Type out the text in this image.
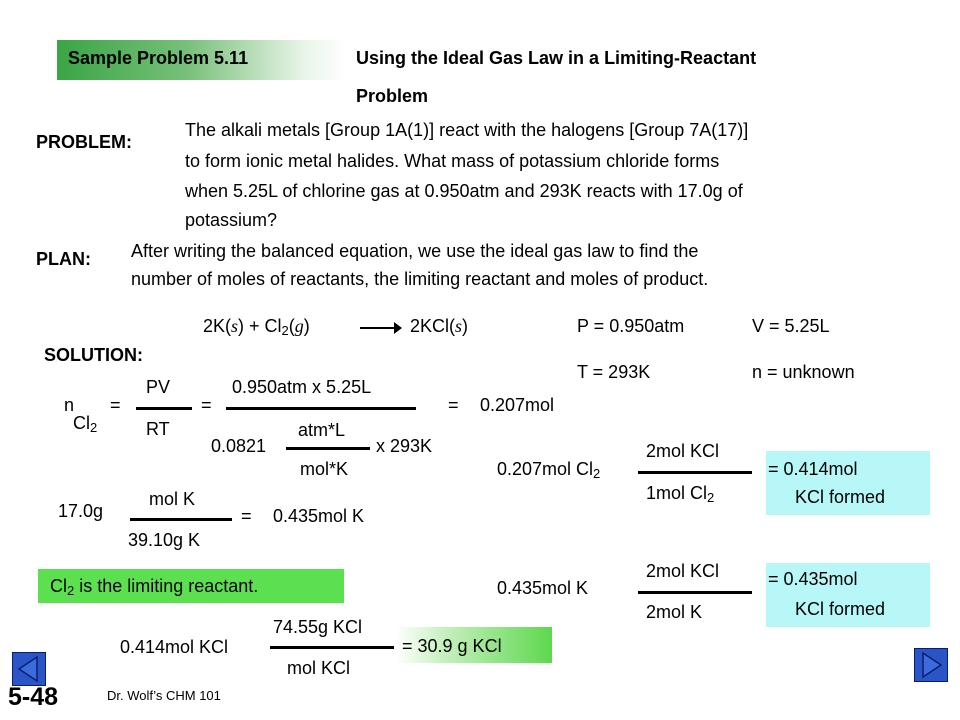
Sample Problem 5.11	Using the Ideal Gas Law in a Limiting-Reactant
Problem
PROBLEM:
The alkali metals [Group 1A(1)] react with the halogens [Group 7A(17)]
to form ionic metal halides. What mass of potassium chloride forms
when 5.25L of chlorine gas at 0.950atm and 293K reacts with 17.0g of
potassium?
PLAN: After writing the balanced equation, we use the ideal gas law to find the
number of moles of reactants, the limiting reactant and moles of product.
$2K(s) + Cl_2(g)$	→ 2KCl(s)	P = 0.950atm	V = 5.25L
T = 293K	n = unknown
SOLUTION:
n
$Cl_2$
=
PV
RT
=
0.950atm x 5.25L
0.0821
atm*L
mol*K
x 293K
= 0.207mol
17.0g
mol K
39.10g K
= 0.435mol K
$Cl_2$ is the limiting reactant.
0.207mol $Cl_2$
2mol KCl
1mol $Cl_2$
= 0.414mol
KCl formed
0.435mol K
2mol KCl
2mol K
= 0.435mol
KCl formed
0.414mol KCl
74.55g KCl
mol KCl
= 30.9 g KCl
5-48	Dr. Wolf’s CHM 101
